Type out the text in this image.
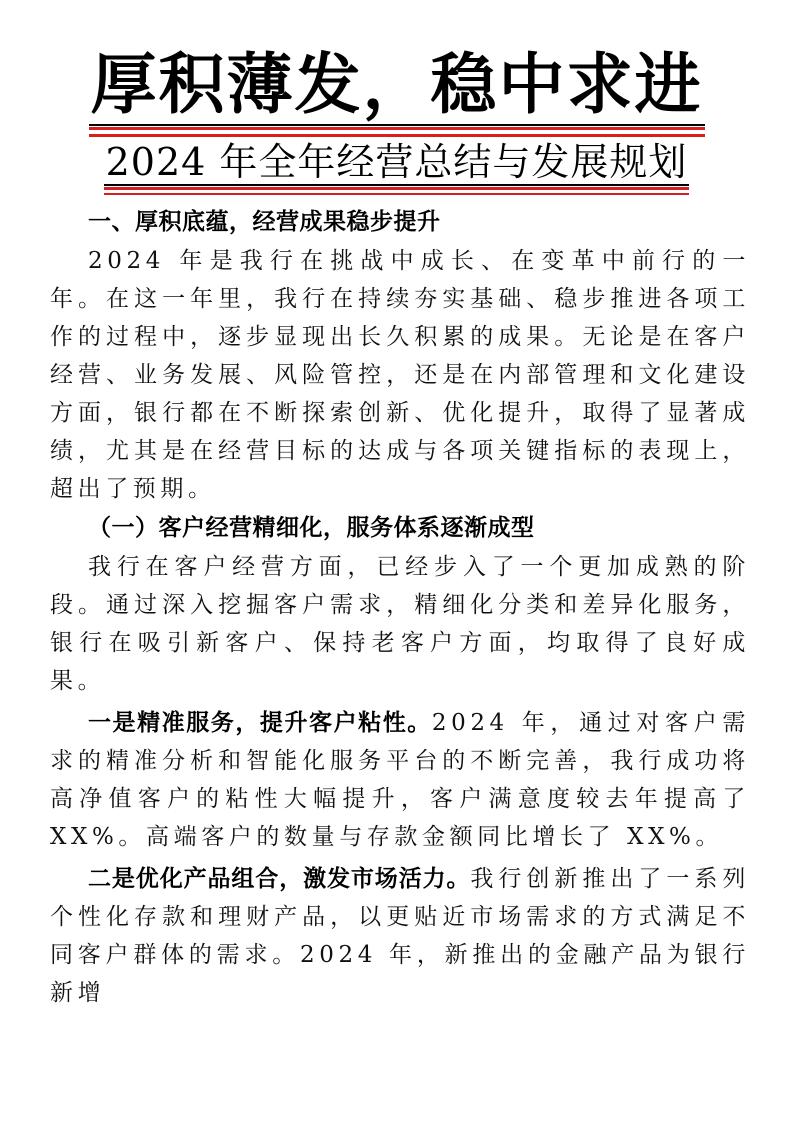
厚积薄发，稳中求进
2024 年全年经营总结与发展规划

一、厚积底蕴，经营成果稳步提升

2024 年是我行在挑战中成长、在变革中前行的一年。在这一年里，我行在持续夯实基础、稳步推进各项工作的过程中，逐步显现出长久积累的成果。无论是在客户经营、业务发展、风险管控，还是在内部管理和文化建设方面，银行都在不断探索创新、优化提升，取得了显著成绩，尤其是在经营目标的达成与各项关键指标的表现上，超出了预期。

（一）客户经营精细化，服务体系逐渐成型

我行在客户经营方面，已经步入了一个更加成熟的阶段。通过深入挖掘客户需求，精细化分类和差异化服务，银行在吸引新客户、保持老客户方面，均取得了良好成果。

一是精准服务，提升客户粘性。2024 年，通过对客户需求的精准分析和智能化服务平台的不断完善，我行成功将高净值客户的粘性大幅提升，客户满意度较去年提高了 XX%。高端客户的数量与存款金额同比增长了 XX%。

二是优化产品组合，激发市场活力。我行创新推出了一系列个性化存款和理财产品，以更贴近市场需求的方式满足不同客户群体的需求。2024 年，新推出的金融产品为银行新增
